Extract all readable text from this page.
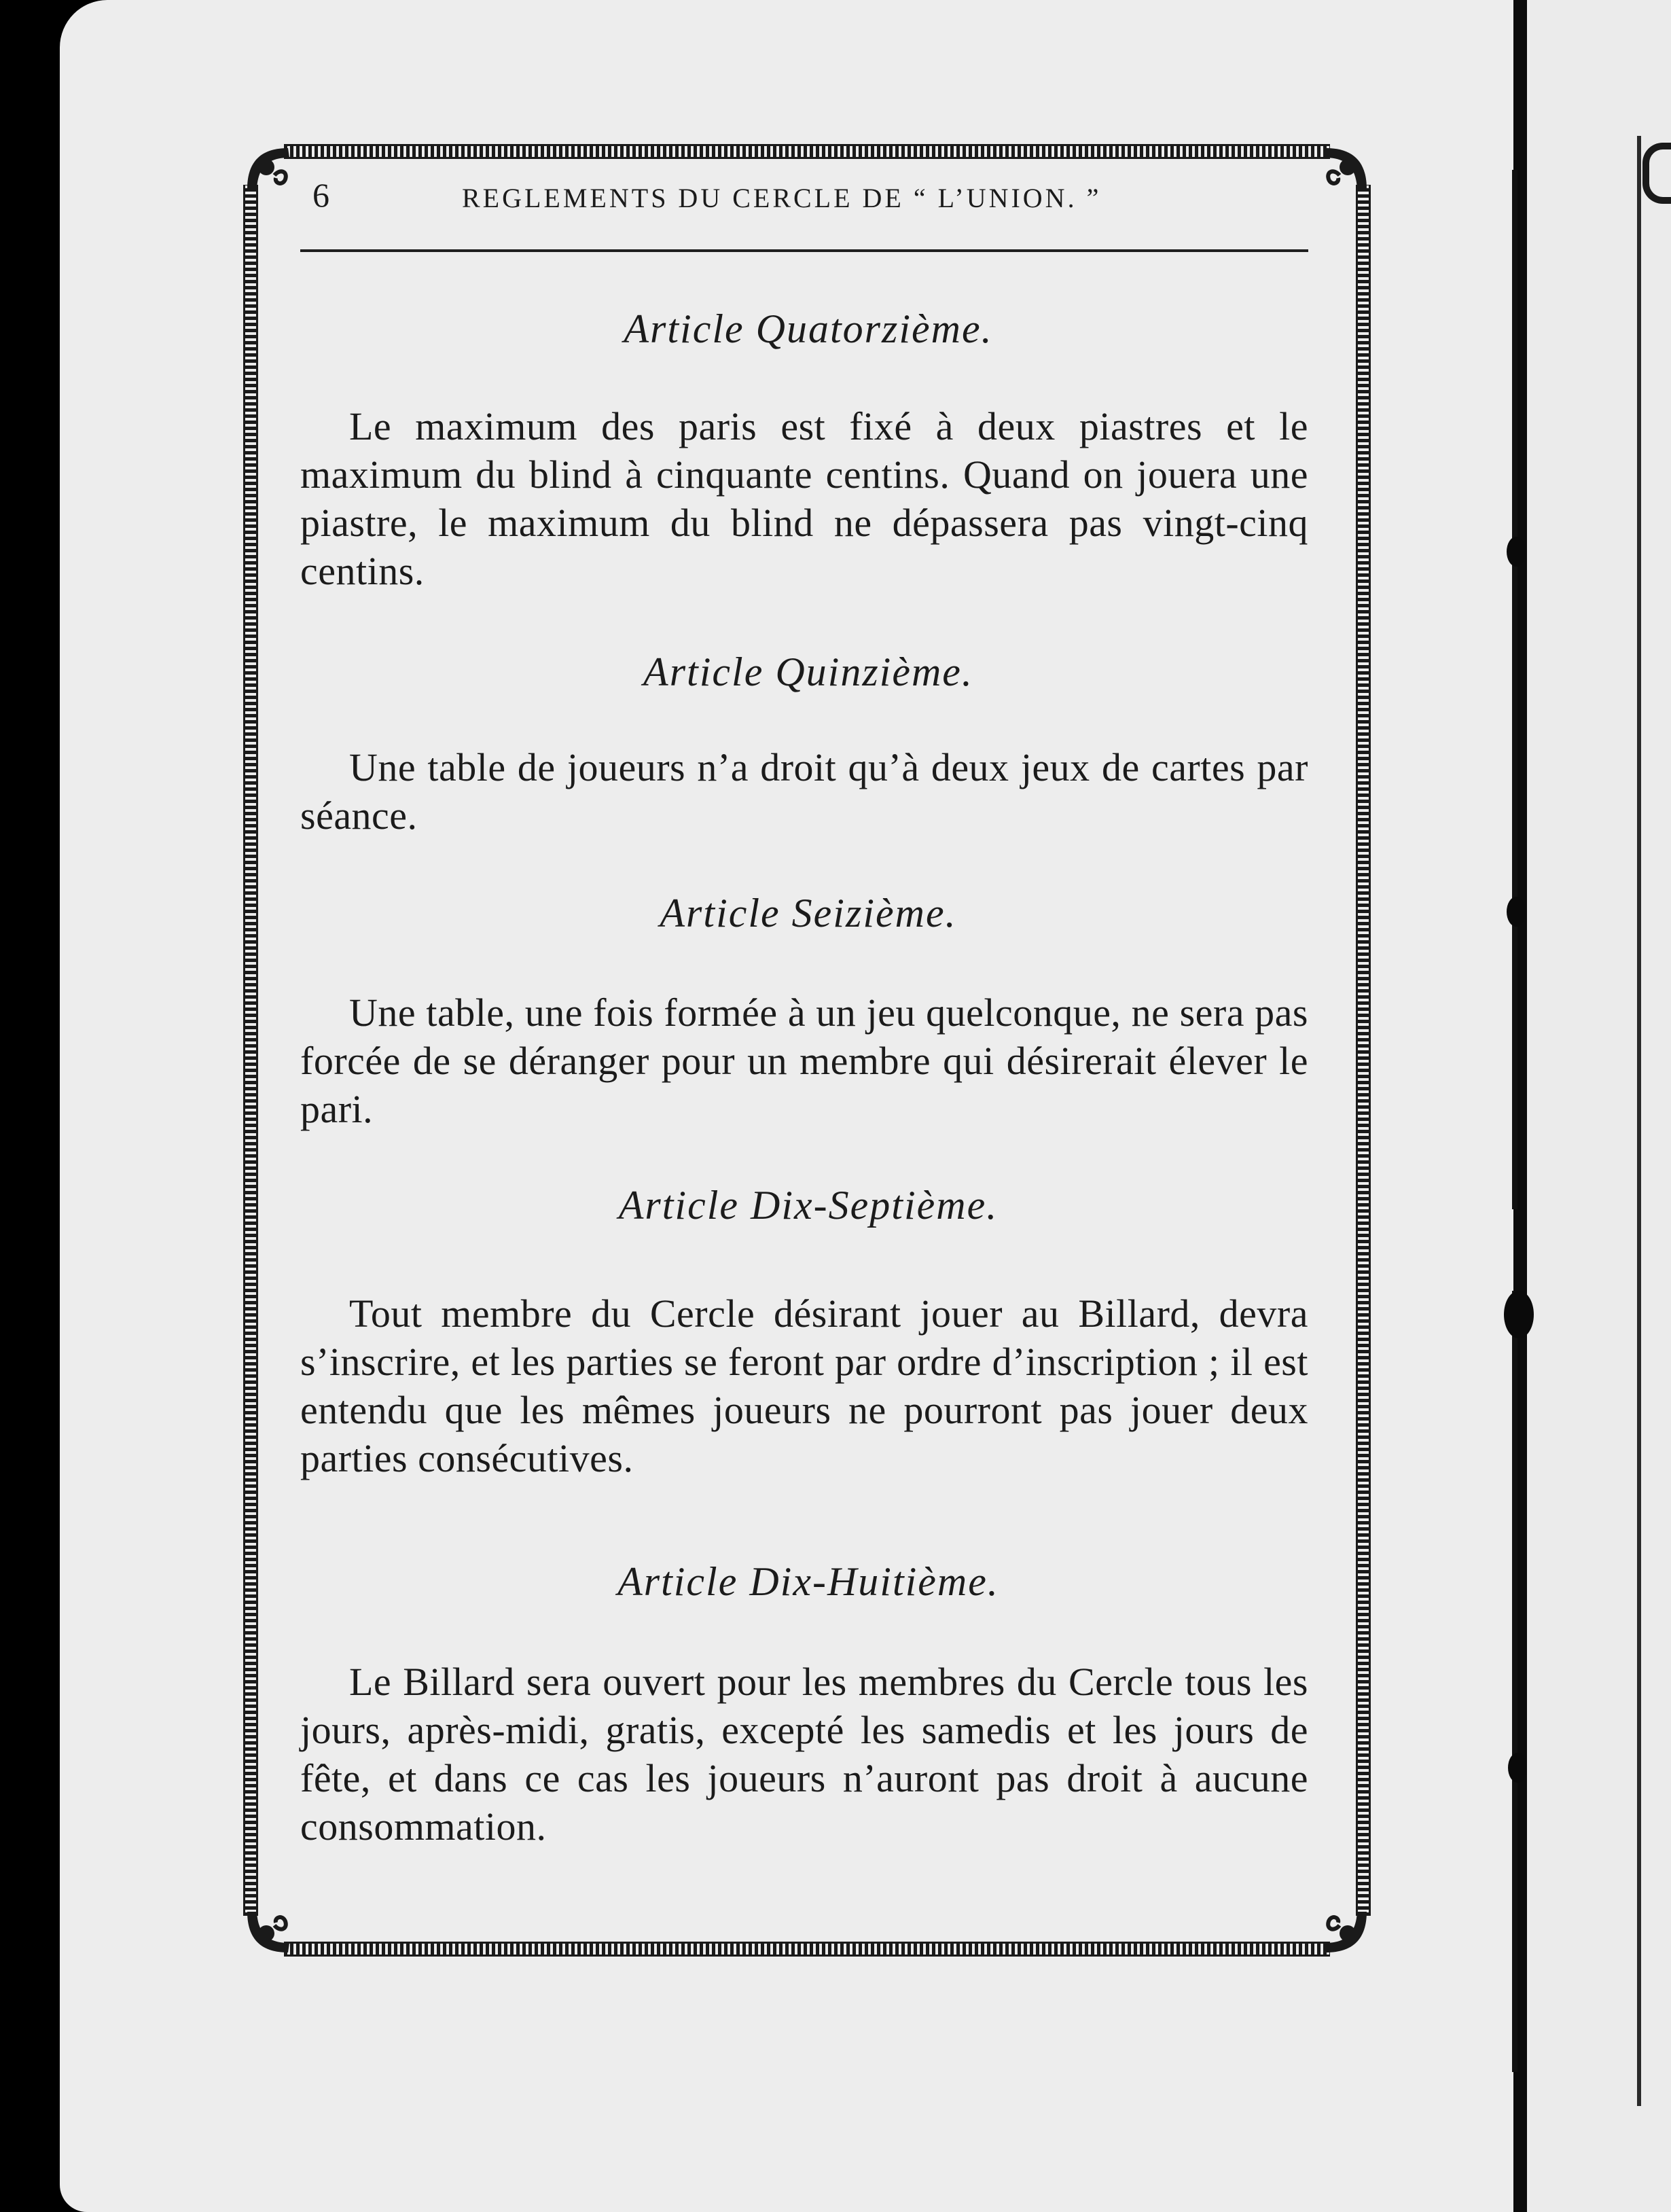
6	REGLEMENTS DU CERCLE DE “ L’UNION. ”
Article Quatorzième.

Le maximum des paris est fixé à deux piastres et le maximum du blind à cinquante centins. Quand on jouera une piastre, le maximum du blind ne dépassera pas vingt-cinq centins.

Article Quinzième.

Une table de joueurs n’a droit qu’à deux jeux de cartes par séance.

Article Seizième.

Une table, une fois formée à un jeu quelconque, ne sera pas forcée de se déranger pour un membre qui désirerait élever le pari.

Article Dix-Septième.

Tout membre du Cercle désirant jouer au Billard, devra s’inscrire, et les parties se feront par ordre d’inscription ; il est entendu que les mêmes joueurs ne pourront pas jouer deux parties consécutives.

Article Dix-Huitième.

Le Billard sera ouvert pour les membres du Cercle tous les jours, après-midi, gratis, excepté les samedis et les jours de fête, et dans ce cas les joueurs n’auront pas droit à aucune consommation.
